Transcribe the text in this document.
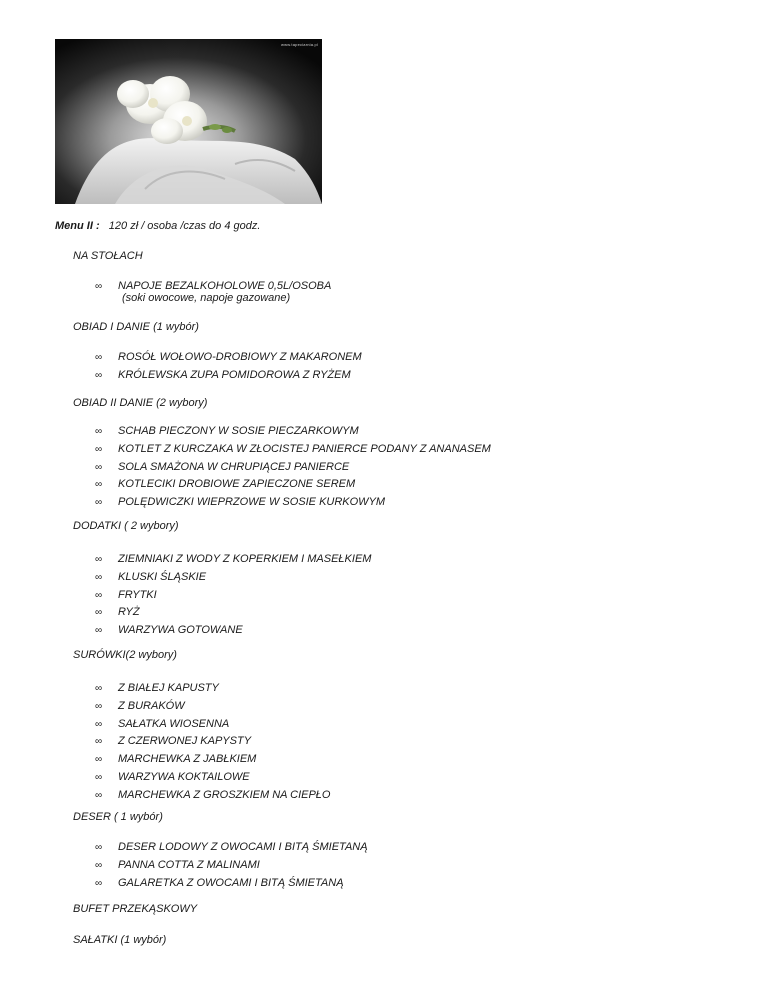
www.tapeciarnia.pl
Menu II : 120 zł / osoba /czas do 4 godz.
NA STOŁACH
∞ NAPOJE BEZALKOHOLOWE 0,5L/OSOBA
(soki owocowe, napoje gazowane)
OBIAD I DANIE (1 wybór)
∞ ROSÓŁ WOŁOWO-DROBIOWY Z MAKARONEM
∞ KRÓLEWSKA ZUPA POMIDOROWA Z RYŻEM
OBIAD II DANIE (2 wybory)
∞ SCHAB PIECZONY W SOSIE PIECZARKOWYM
∞ KOTLET Z KURCZAKA W ZŁOCISTEJ PANIERCE PODANY Z ANANASEM
∞ SOLA SMAŻONA W CHRUPIĄCEJ PANIERCE
∞ KOTLECIKI DROBIOWE ZAPIECZONE SEREM
∞ POLĘDWICZKI WIEPRZOWE W SOSIE KURKOWYM
DODATKI ( 2 wybory)
∞ ZIEMNIAKI Z WODY Z KOPERKIEM I MASEŁKIEM
∞ KLUSKI ŚLĄSKIE
∞ FRYTKI
∞ RYŻ
∞ WARZYWA GOTOWANE
SURÓWKI(2 wybory)
∞ Z BIAŁEJ KAPUSTY
∞ Z BURAKÓW
∞ SAŁATKA WIOSENNA
∞ Z CZERWONEJ KAPYSTY
∞ MARCHEWKA Z JABŁKIEM
∞ WARZYWA KOKTAILOWE
∞ MARCHEWKA Z GROSZKIEM NA CIEPŁO
DESER ( 1 wybór)
∞ DESER LODOWY Z OWOCAMI I BITĄ ŚMIETANĄ
∞ PANNA COTTA Z MALINAMI
∞ GALARETKA Z OWOCAMI I BITĄ ŚMIETANĄ
BUFET PRZEKĄSKOWY
SAŁATKI (1 wybór)
